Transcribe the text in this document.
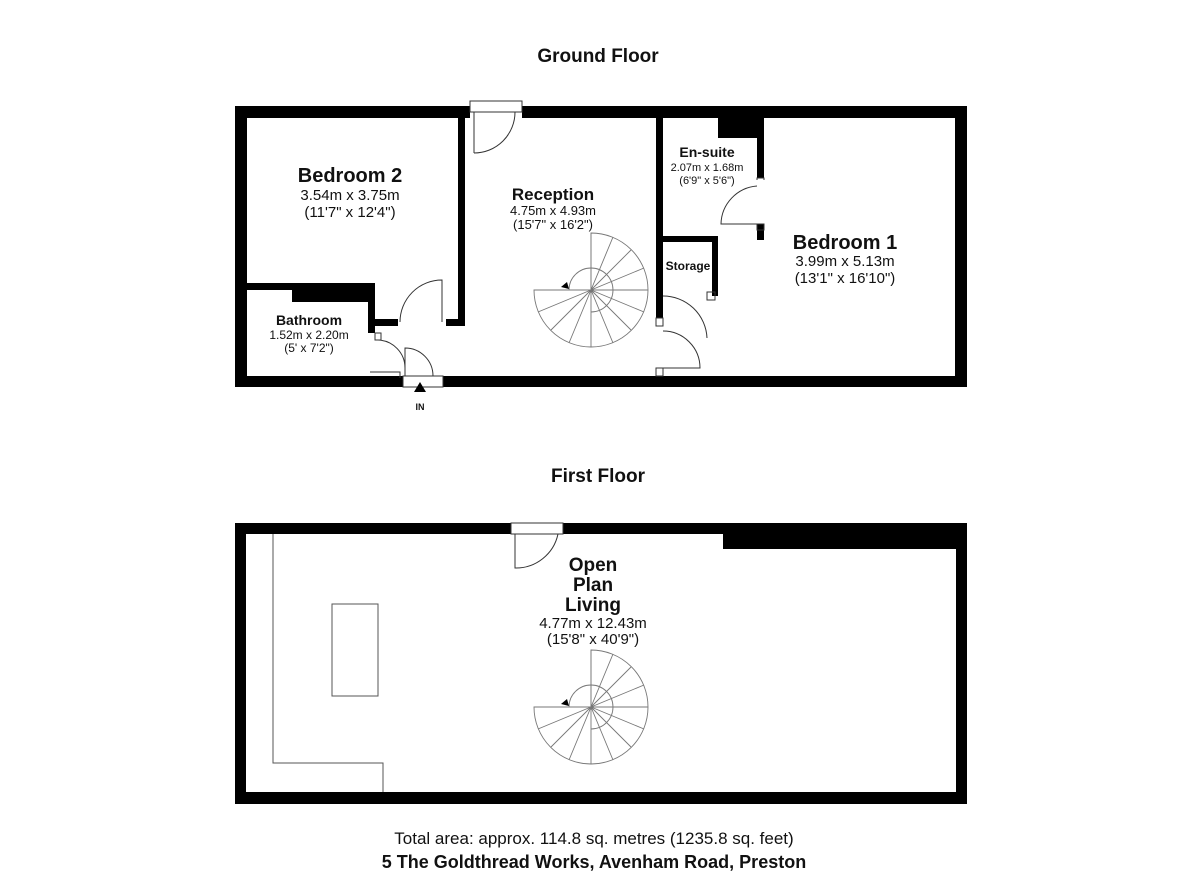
Ground Floor
IN
Bedroom 2
3.54m x 3.75m
(11'7" x 12'4")
Reception
4.75m x 4.93m
(15'7" x 16'2")
En-suite
2.07m x 1.68m
(6'9" x 5'6")
Storage
Bedroom 1
3.99m x 5.13m
(13'1" x 16'10")
Bathroom
1.52m x 2.20m
(5' x 7'2")
First Floor
Open
Plan
Living
4.77m x 12.43m
(15'8" x 40'9")
Total area: approx. 114.8 sq. metres (1235.8 sq. feet)
5 The Goldthread Works, Avenham Road, Preston
